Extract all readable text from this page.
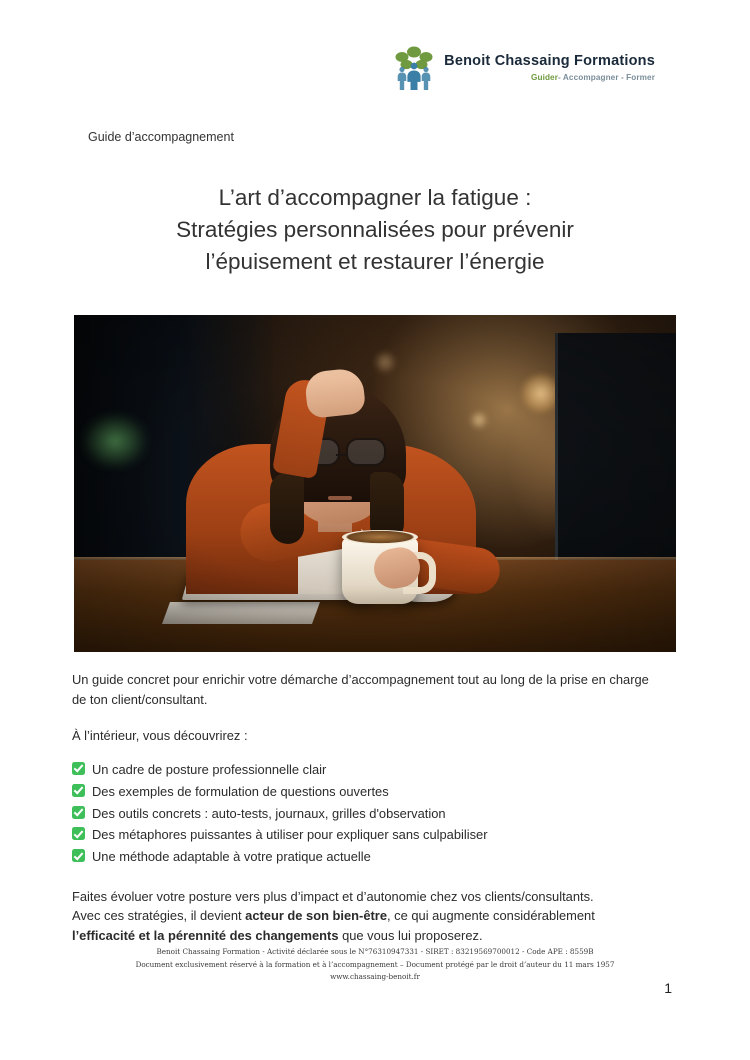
Benoit Chassaing Formations
Guider- Accompagner - Former
Guide d’accompagnement
L’art d’accompagner la fatigue :
Stratégies personnalisées pour prévenir
l’épuisement et restaurer l’énergie

Un guide concret pour enrichir votre démarche d’accompagnement tout au long de la prise en charge de ton client/consultant.

À l’intérieur, vous découvrirez :

Un cadre de posture professionnelle clair
Des exemples de formulation de questions ouvertes
Des outils concrets : auto-tests, journaux, grilles d'observation
Des métaphores puissantes à utiliser pour expliquer sans culpabiliser
Une méthode adaptable à votre pratique actuelle

Faites évoluer votre posture vers plus d’impact et d’autonomie chez vos clients/consultants.
Avec ces stratégies, il devient acteur de son bien-être, ce qui augmente considérablement
l’efficacité et la pérennité des changements que vous lui proposerez.

Benoit Chassaing Formation - Activité déclarée sous le N°76310947331 - SIRET : 83219569700012 - Code APE : 8559B
Document exclusivement réservé à la formation et à l’accompagnement – Document protégé par le droit d’auteur du 11 mars 1957
www.chassaing-benoit.fr
1
